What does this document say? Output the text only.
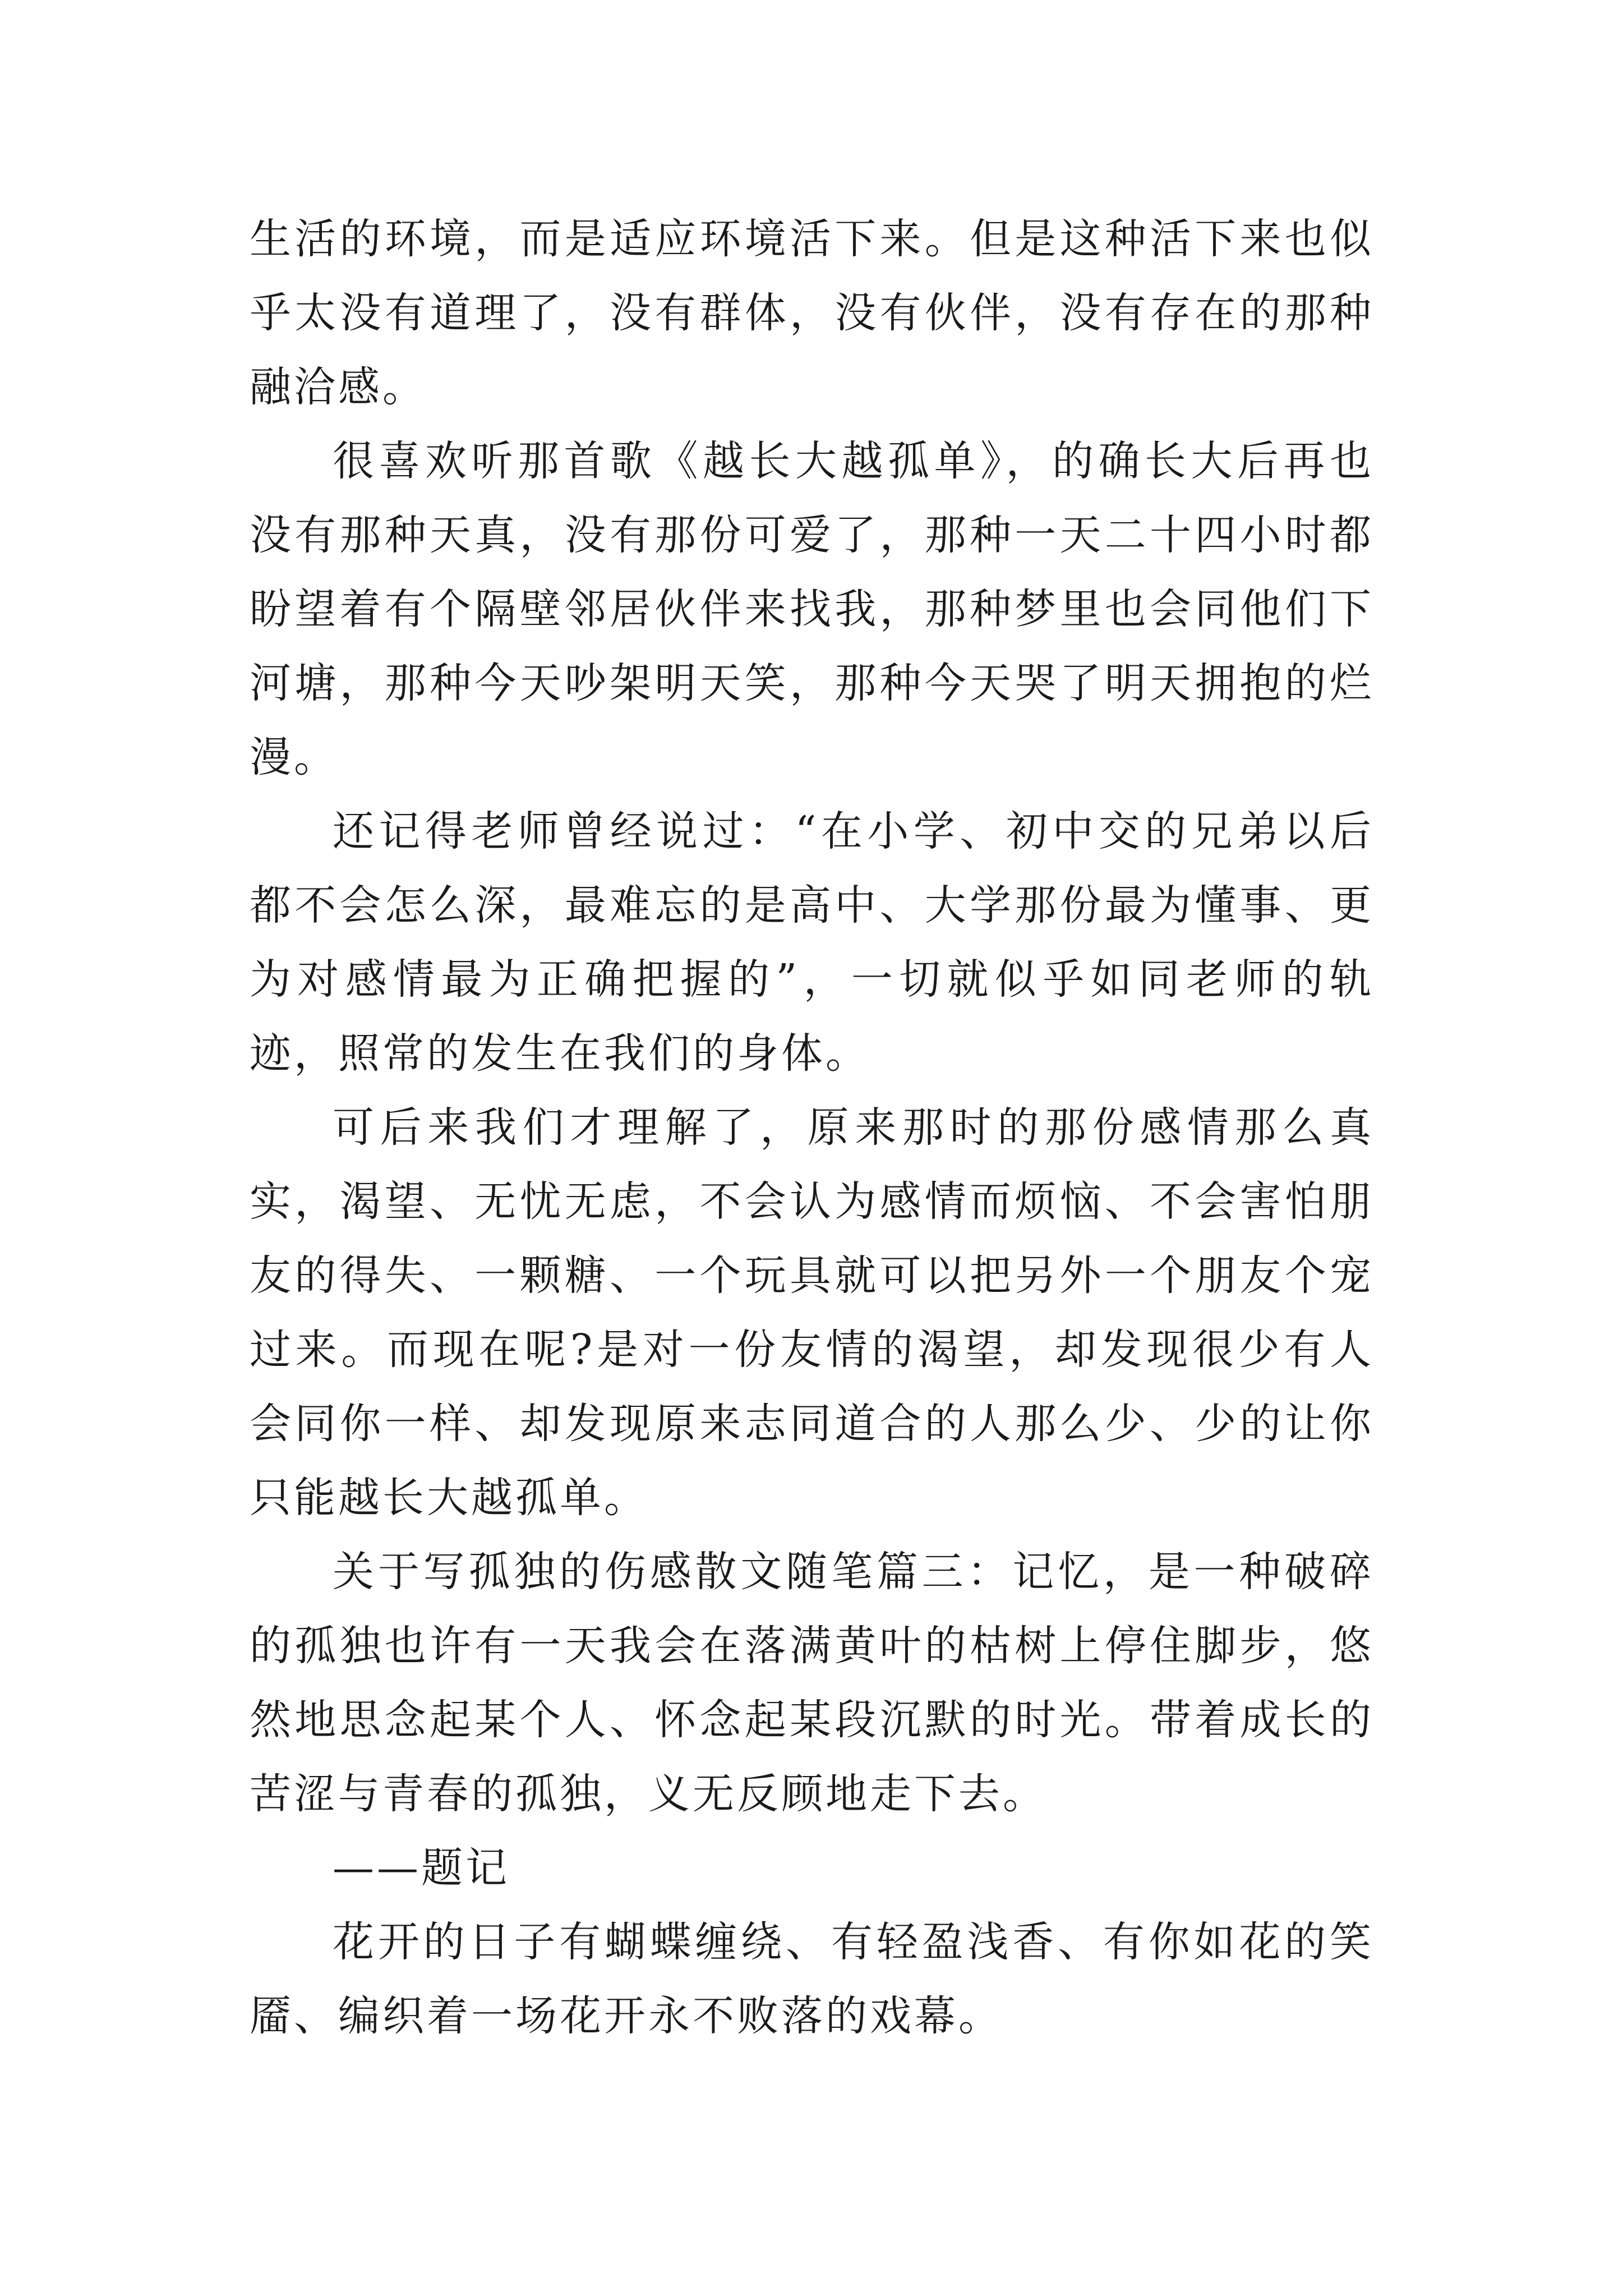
生活的环境，而是适应环境活下来。但是这种活下来也似乎太没有道理了，没有群体，没有伙伴，没有存在的那种融洽感。

很喜欢听那首歌《越长大越孤单》，的确长大后再也没有那种天真，没有那份可爱了，那种一天二十四小时都盼望着有个隔壁邻居伙伴来找我，那种梦里也会同他们下河塘，那种今天吵架明天笑，那种今天哭了明天拥抱的烂漫。

还记得老师曾经说过：“在小学、初中交的兄弟以后都不会怎么深，最难忘的是高中、大学那份最为懂事、更为对感情最为正确把握的”，一切就似乎如同老师的轨迹，照常的发生在我们的身体。

可后来我们才理解了，原来那时的那份感情那么真实，渴望、无忧无虑，不会认为感情而烦恼、不会害怕朋友的得失、一颗糖、一个玩具就可以把另外一个朋友个宠过来。而现在呢?是对一份友情的渴望，却发现很少有人会同你一样、却发现原来志同道合的人那么少、少的让你只能越长大越孤单。

关于写孤独的伤感散文随笔篇三：记忆，是一种破碎的孤独也许有一天我会在落满黄叶的枯树上停住脚步，悠然地思念起某个人、怀念起某段沉默的时光。带着成长的苦涩与青春的孤独，义无反顾地走下去。

——题记

花开的日子有蝴蝶缠绕、有轻盈浅香、有你如花的笑靥、编织着一场花开永不败落的戏幕。
